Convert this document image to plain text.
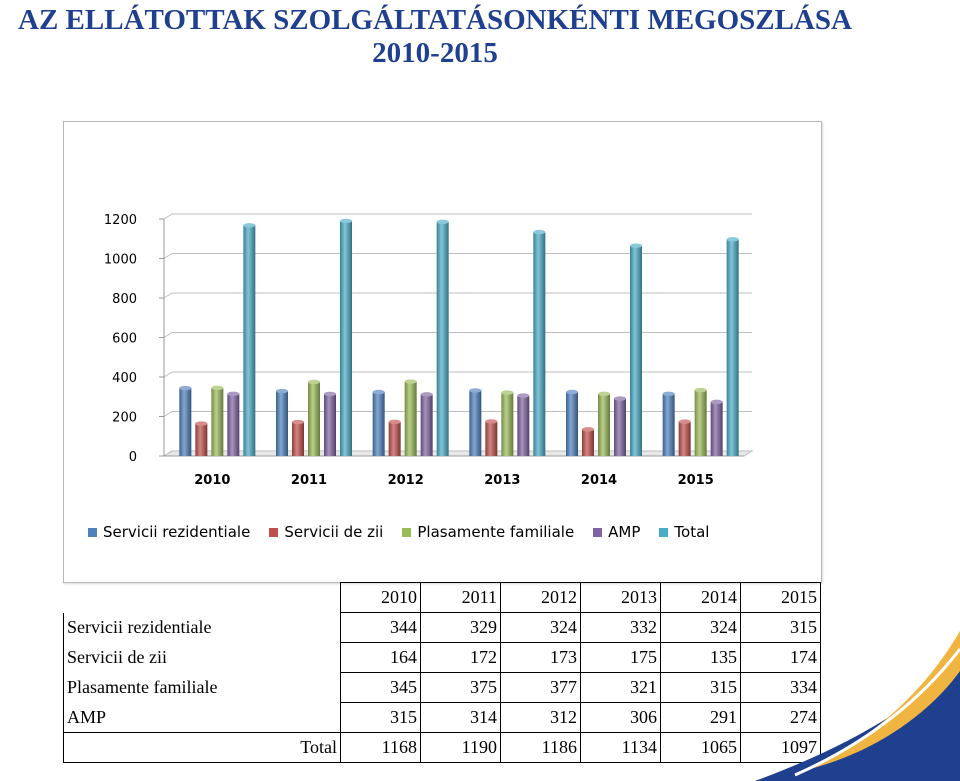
AZ ELLÁTOTTAK SZOLGÁLTATÁSONKÉNTI MEGOSZLÁSA
2010-2015
0
200
400
600
800
1000
1200
2010	2011	2012	2013	2014	2015
Servicii rezidentiale Servicii de zii Plasamente familiale AMP Total
	2010	2011	2012	2013	2014	2015
Servicii rezidentiale	344	329	324	332	324	315
Servicii de zii	164	172	173	175	135	174
Plasamente familiale	345	375	377	321	315	334
AMP	315	314	312	306	291	274
Total	1168	1190	1186	1134	1065	1097
